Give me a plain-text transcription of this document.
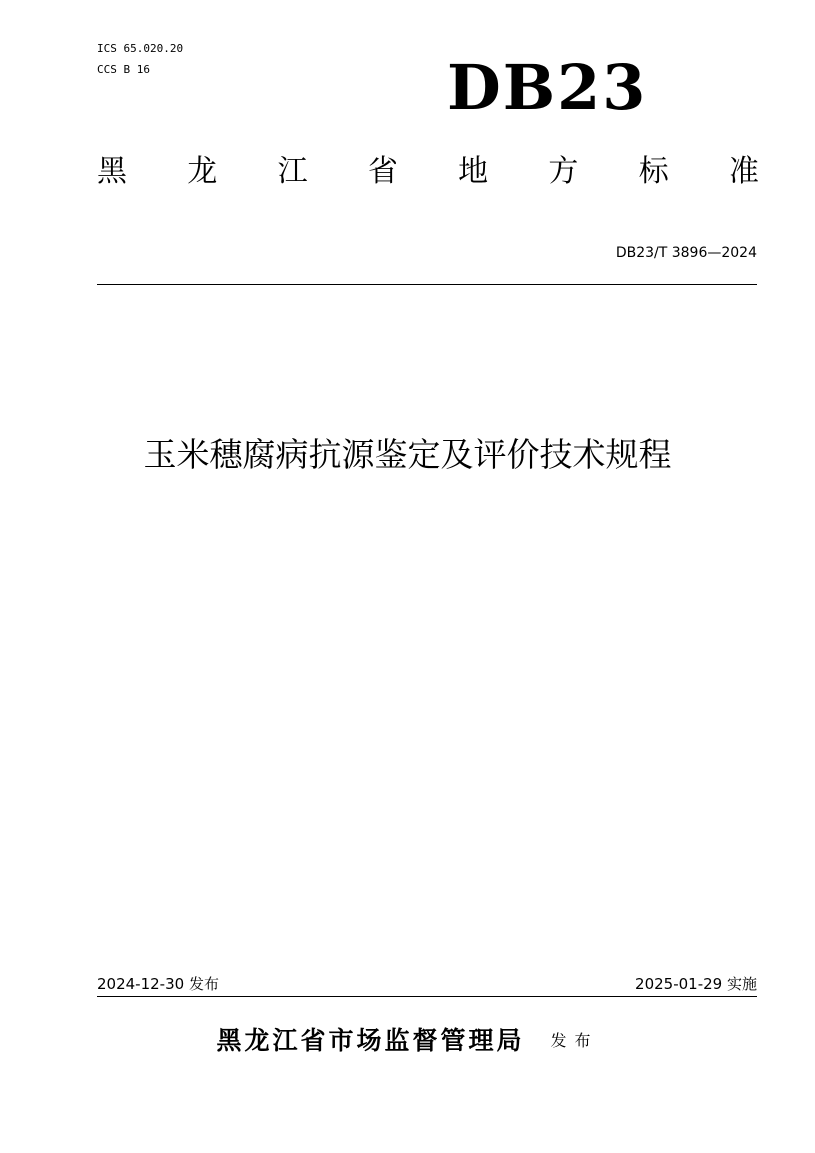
ICS 65.020.20
CCS B 16	DB23
黑 龙 江 省 地 方 标 准
DB23/T 3896—2024
玉米穗腐病抗源鉴定及评价技术规程
2024-12-30 发布	2025-01-29 实施
黑龙江省市场监督管理局 发布
